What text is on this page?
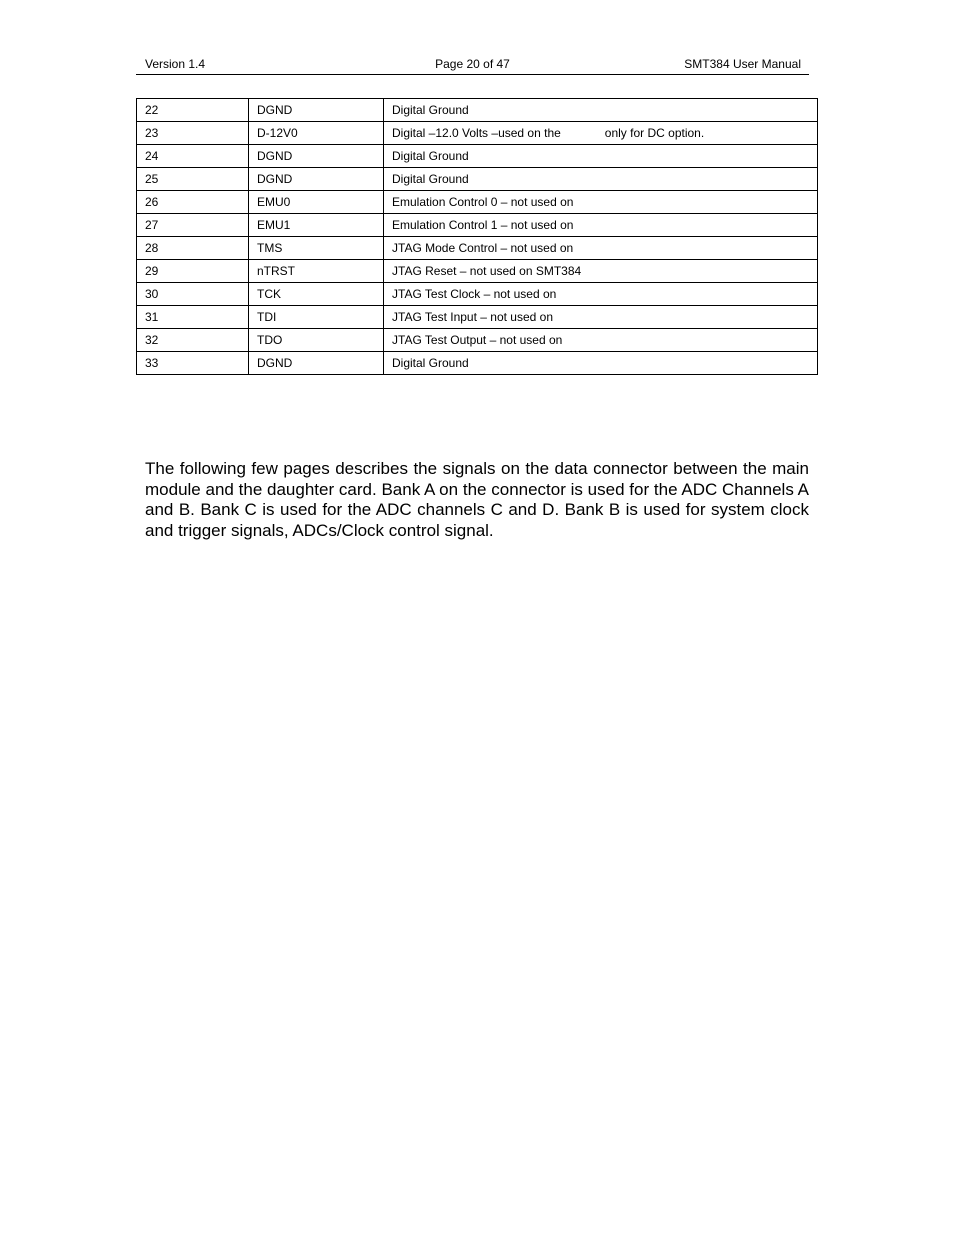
Version 1.4	Page 20 of 47	SMT384 User Manual
22	DGND	Digital Ground
23	D-12V0	Digital –12.0 Volts –used on the only for DC option.
24	DGND	Digital Ground
25	DGND	Digital Ground
26	EMU0	Emulation Control 0 – not used on
27	EMU1	Emulation Control 1 – not used on
28	TMS	JTAG Mode Control – not used on
29	nTRST	JTAG Reset – not used on SMT384
30	TCK	JTAG Test Clock – not used on
31	TDI	JTAG Test Input – not used on
32	TDO	JTAG Test Output – not used on
33	DGND	Digital Ground

The following few pages describes the signals on the data connector between the main module and the daughter card. Bank A on the connector is used for the ADC Channels A and B. Bank C is used for the ADC channels C and D. Bank B is used for system clock and trigger signals, ADCs/Clock control signal.
